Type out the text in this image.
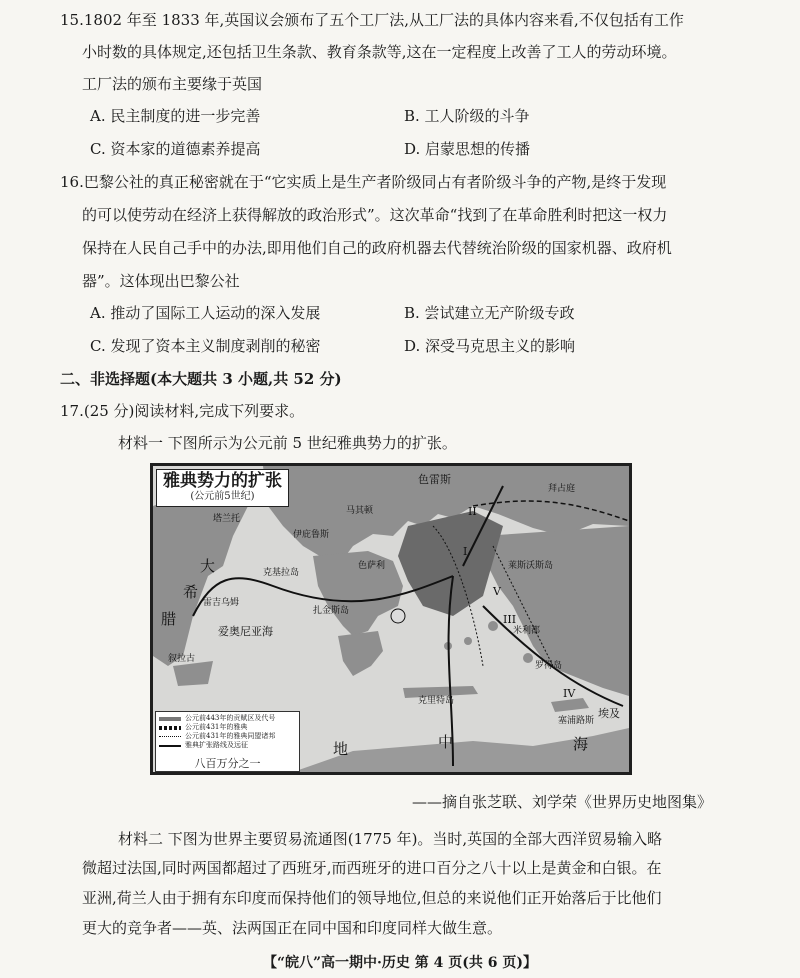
15.1802 年至 1833 年,英国议会颁布了五个工厂法,从工厂法的具体内容来看,不仅包括有工作
小时数的具体规定,还包括卫生条款、教育条款等,这在一定程度上改善了工人的劳动环境。
工厂法的颁布主要缘于英国
A. 民主制度的进一步完善	B. 工人阶级的斗争
C. 资本家的道德素养提高	D. 启蒙思想的传播
16.巴黎公社的真正秘密就在于“它实质上是生产者阶级同占有者阶级斗争的产物,是终于发现
的可以使劳动在经济上获得解放的政治形式”。这次革命“找到了在革命胜利时把这一权力
保持在人民自己手中的办法,即用他们自己的政府机器去代替统治阶级的国家机器、政府机
器”。这体现出巴黎公社
A. 推动了国际工人运动的深入发展	B. 尝试建立无产阶级专政
C. 发现了资本主义制度剥削的秘密	D. 深受马克思主义的影响
二、非选择题(本大题共 3 小题,共 52 分)
17.(25 分)阅读材料,完成下列要求。
材料一 下图所示为公元前 5 世纪雅典势力的扩张。
雅典势力的扩张
(公元前5世纪)
色雷斯
马其顿
伊庇鲁斯
色萨利
克基拉岛
塔兰托
大
希
腊
爱奥尼亚海
扎金斯岛
雷吉乌姆
叙拉古
克里特岛
塞浦路斯
莱斯沃斯岛
米利都
罗得岛
拜占庭
中
地	海
埃及
I
II
III
IV
V
公元前443年的贡赋区及代号
公元前431年的雅典
公元前431年的雅典同盟诸邦
雅典扩张路线及远征
八百万分之一
——摘自张芝联、刘学荣《世界历史地图集》
材料二 下图为世界主要贸易流通图(1775 年)。当时,英国的全部大西洋贸易输入略
微超过法国,同时两国都超过了西班牙,而西班牙的进口百分之八十以上是黄金和白银。在
亚洲,荷兰人由于拥有东印度而保持他们的领导地位,但总的来说他们正开始落后于比他们
更大的竞争者——英、法两国正在同中国和印度同样大做生意。
【“皖八”高一期中·历史 第 4 页(共 6 页)】
